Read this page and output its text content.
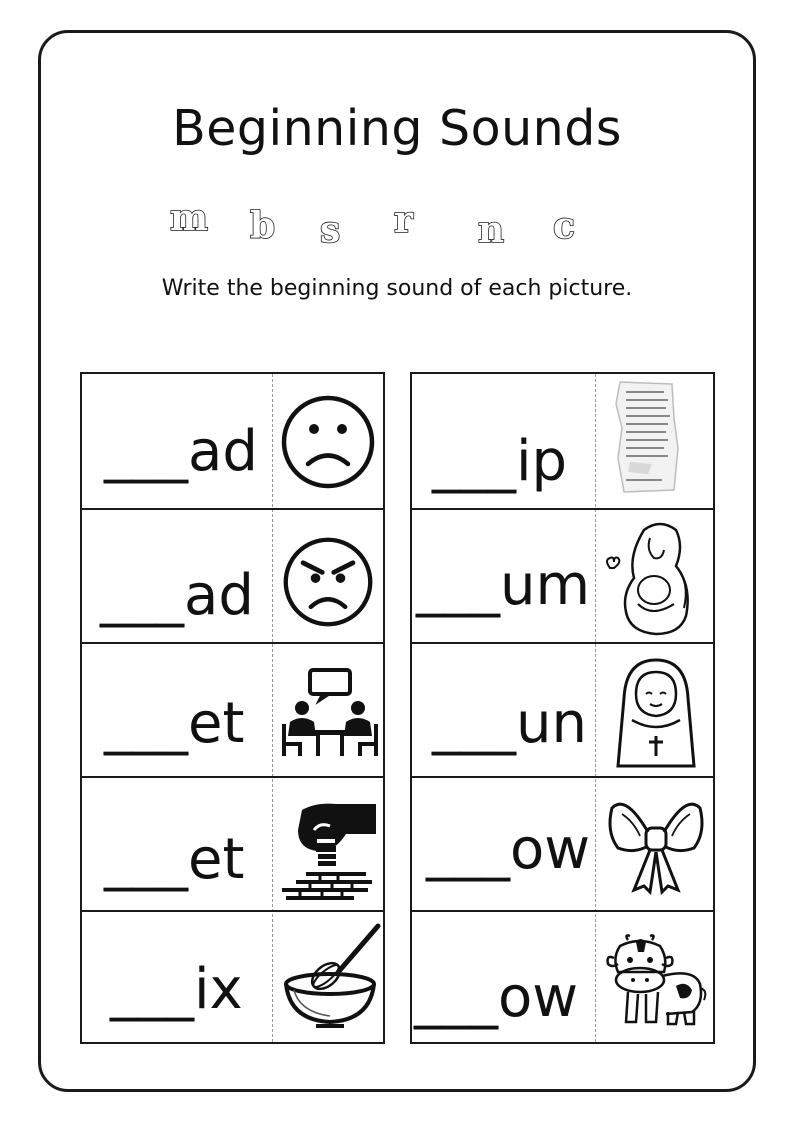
Beginning Sounds
m b s r n c
Write the beginning sound of each picture.
___ad
___ad
___et
___et
___ix
___ip
___um
___un
___ow
___ow
